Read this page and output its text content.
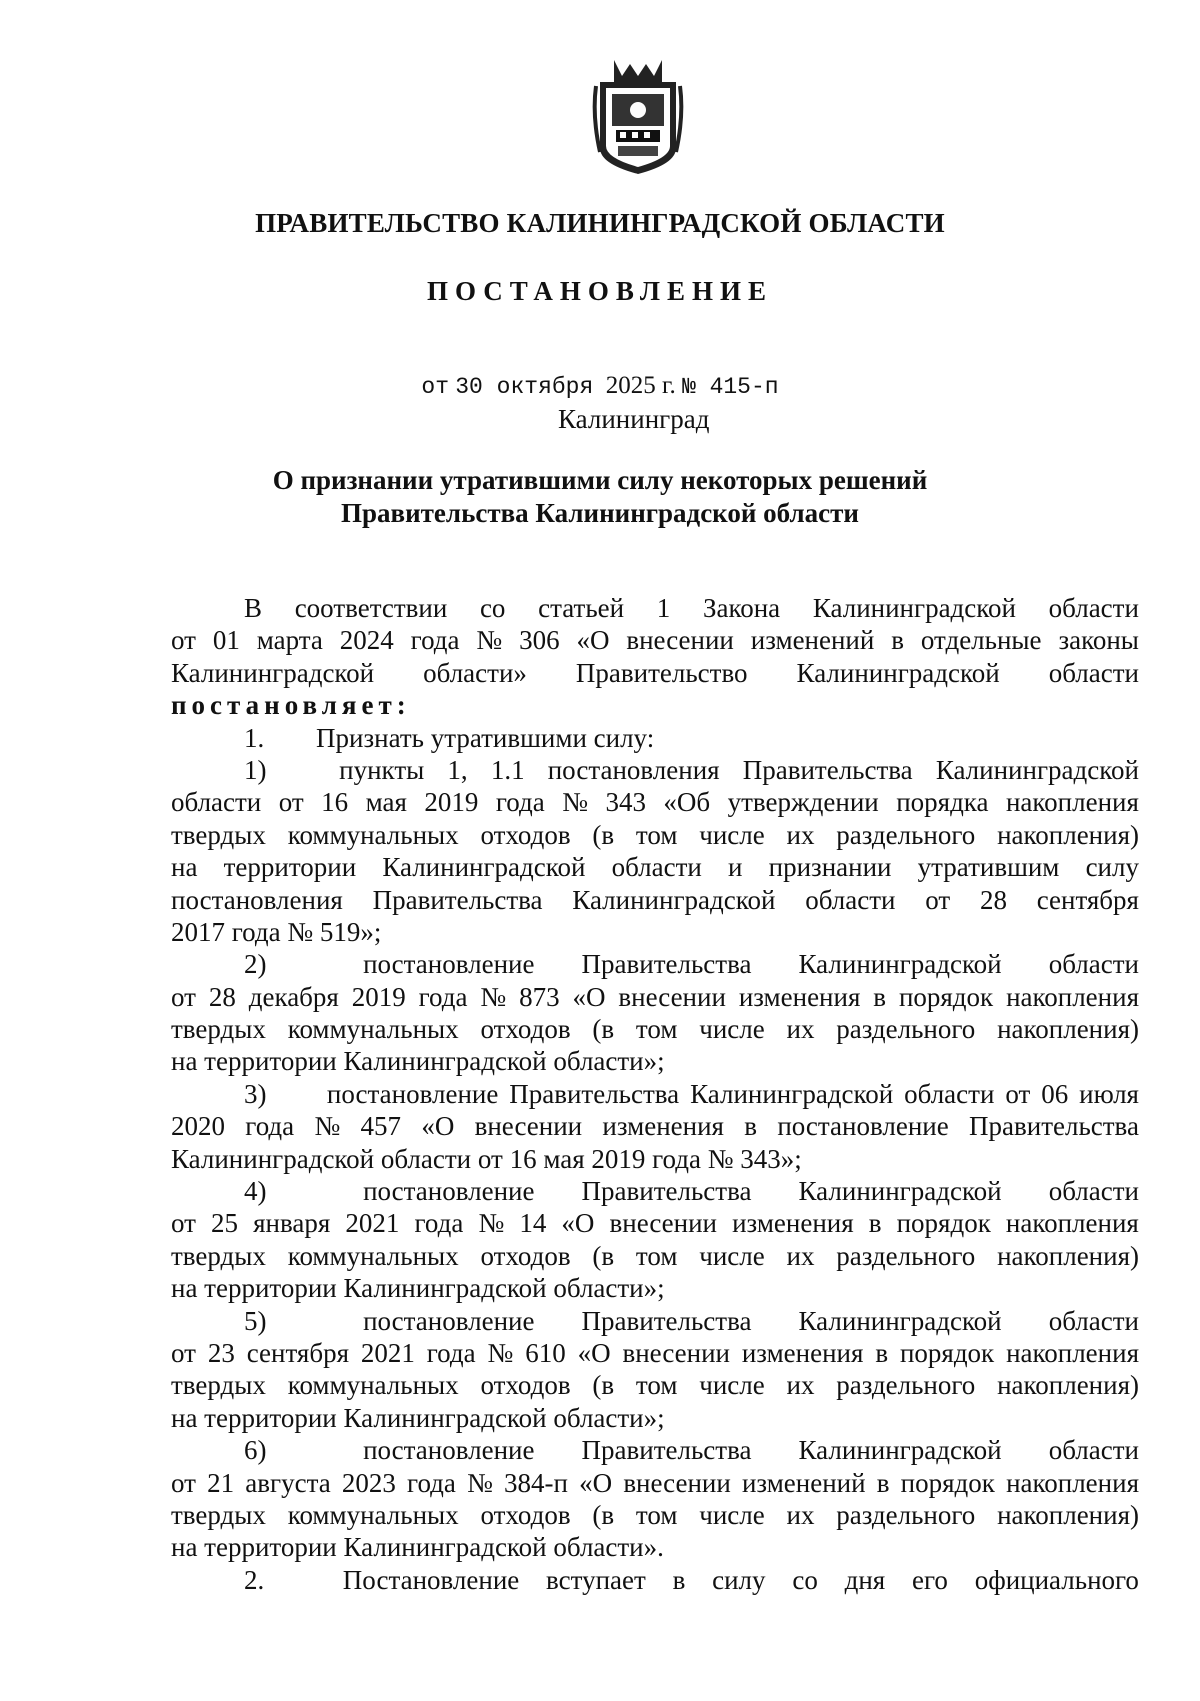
ПРАВИТЕЛЬСТВО КАЛИНИНГРАДСКОЙ ОБЛАСТИ
ПОСТАНОВЛЕНИЕ
от 30 октября 2025 г. № 415-п
Калининград
О признании утратившими силу некоторых решений
Правительства Калининградской области
В соответствии со статьей 1 Закона Калининградской области
от 01 марта 2024 года № 306 «О внесении изменений в отдельные законы
Калининградской области» Правительство Калининградской области
постановляет:
1.	Признать утратившими силу:
1)	пункты 1, 1.1 постановления Правительства Калининградской
области от 16 мая 2019 года № 343 «Об утверждении порядка накопления
твердых коммунальных отходов (в том числе их раздельного накопления)
на территории Калининградской области и признании утратившим силу
постановления Правительства Калининградской области от 28 сентября
2017 года № 519»;
2)	постановление Правительства Калининградской области
от 28 декабря 2019 года № 873 «О внесении изменения в порядок накопления
твердых коммунальных отходов (в том числе их раздельного накопления)
на территории Калининградской области»;
3)	постановление Правительства Калининградской области от 06 июля
2020 года № 457 «О внесении изменения в постановление Правительства
Калининградской области от 16 мая 2019 года № 343»;
4)	постановление Правительства Калининградской области
от 25 января 2021 года № 14 «О внесении изменения в порядок накопления
твердых коммунальных отходов (в том числе их раздельного накопления)
на территории Калининградской области»;
5)	постановление Правительства Калининградской области
от 23 сентября 2021 года № 610 «О внесении изменения в порядок накопления
твердых коммунальных отходов (в том числе их раздельного накопления)
на территории Калининградской области»;
6)	постановление Правительства Калининградской области
от 21 августа 2023 года № 384-п «О внесении изменений в порядок накопления
твердых коммунальных отходов (в том числе их раздельного накопления)
на территории Калининградской области».
2.	Постановление вступает в силу со дня его официального
